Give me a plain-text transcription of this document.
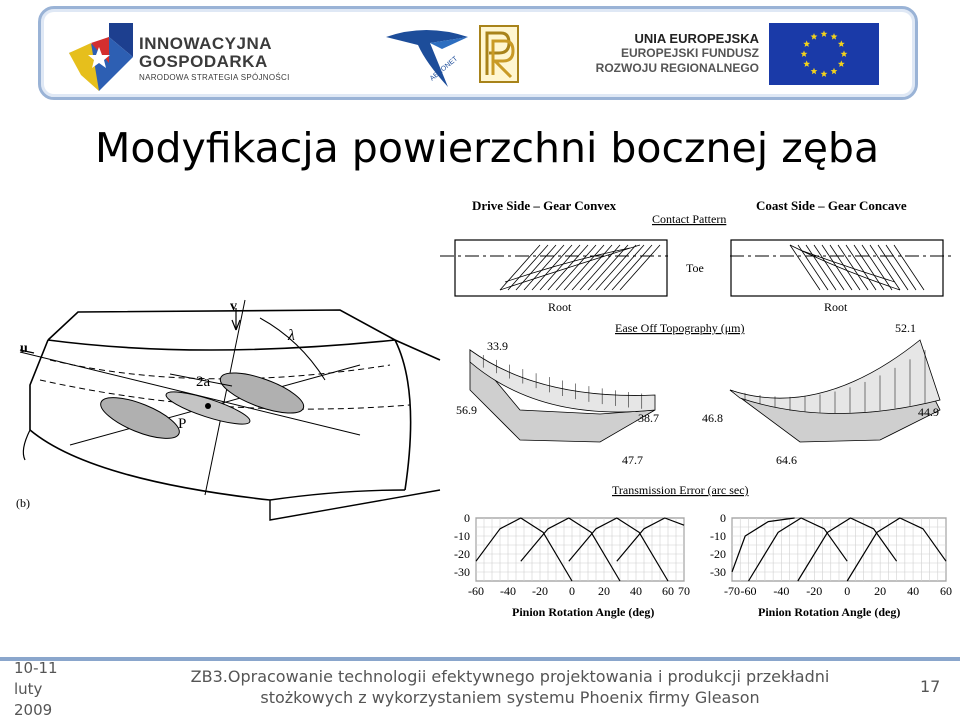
INNOWACYJNA
GOSPODARKA
NARODOWA STRATEGIA SPÓJNOŚCI	AERONET
UNIA EUROPEJSKA
EUROPEJSKI FUNDUSZ
ROZWOJU REGIONALNEGO
Modyfikacja powierzchni bocznej zęba
u
v
λ
2a
P
(b)
Drive Side – Gear Convex	Coast Side – Gear Concave
Contact Pattern
Toe
Root	Root
Ease Off Topography (μm)
33.9
56.9
38.7
47.7
52.1
46.8	44.9
64.6
Transmission Error (arc sec)
0
-10
-20
-30
-60 -40 -20 0 20 40 60 70
0
-10
-20
-30
-70 -60 -40 -20 0 20 40 60
Pinion Rotation Angle (deg)	Pinion Rotation Angle (deg)
10-11
luty
2009
ZB3.Opracowanie technologii efektywnego projektowania i produkcji przekładni
stożkowych z wykorzystaniem systemu Phoenix firmy Gleason
17
